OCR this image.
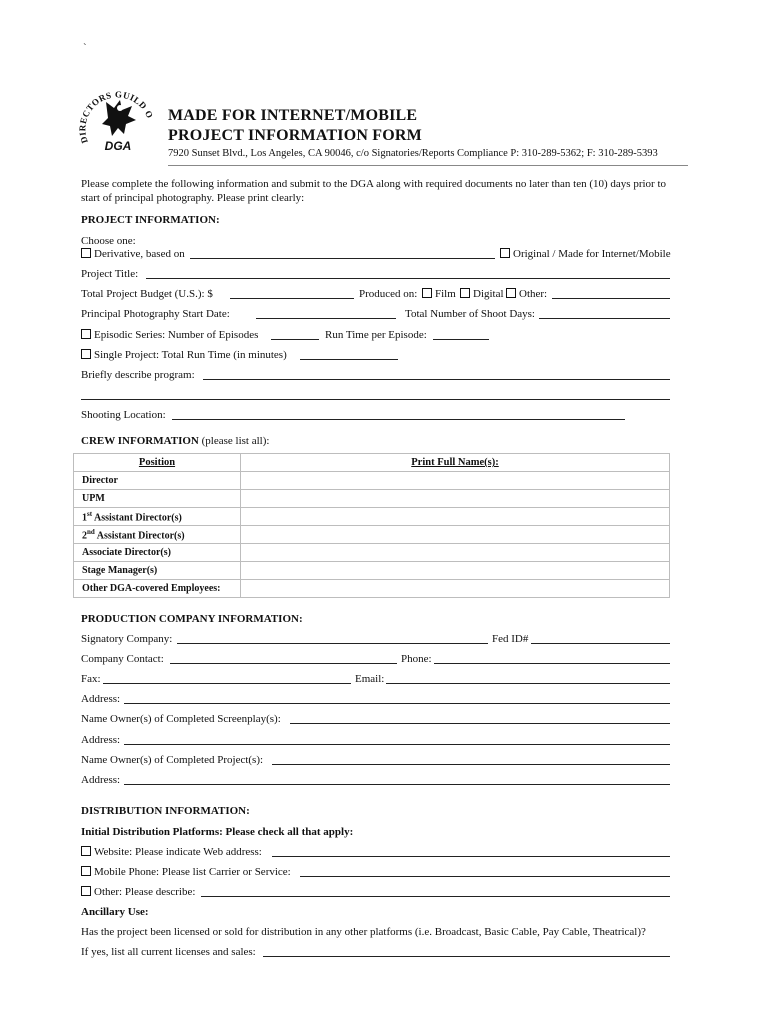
`
DIRECTORS GUILD O
DGA
MADE FOR INTERNET/MOBILE
PROJECT INFORMATION FORM
7920 Sunset Blvd., Los Angeles, CA 90046, c/o Signatories/Reports Compliance P: 310-289-5362; F: 310-289-5393
Please complete the following information and submit to the DGA along with required documents no later than ten (10) days prior to
start of principal photography. Please print clearly:
PROJECT INFORMATION:
Choose one:
Derivative, based on	Original / Made for Internet/Mobile
Project Title:
Total Project Budget (U.S.): $	Produced on:	Film	Digital	Other:
Principal Photography Start Date:	Total Number of Shoot Days:
Episodic Series: Number of Episodes	Run Time per Episode:
Single Project: Total Run Time (in minutes)
Briefly describe program:
Shooting Location:
CREW INFORMATION (please list all):
Position	Print Full Name(s):
Director	
UPM	
1st Assistant Director(s)	
2nd Assistant Director(s)	
Associate Director(s)	
Stage Manager(s)	
Other DGA-covered Employees:	
PRODUCTION COMPANY INFORMATION:
Signatory Company:	Fed ID#
Company Contact:	Phone:
Fax:	Email:
Address:
Name Owner(s) of Completed Screenplay(s):
Address:
Name Owner(s) of Completed Project(s):
Address:
DISTRIBUTION INFORMATION:
Initial Distribution Platforms: Please check all that apply:
Website: Please indicate Web address:
Mobile Phone: Please list Carrier or Service:
Other: Please describe:
Ancillary Use:
Has the project been licensed or sold for distribution in any other platforms (i.e. Broadcast, Basic Cable, Pay Cable, Theatrical)?
If yes, list all current licenses and sales:
